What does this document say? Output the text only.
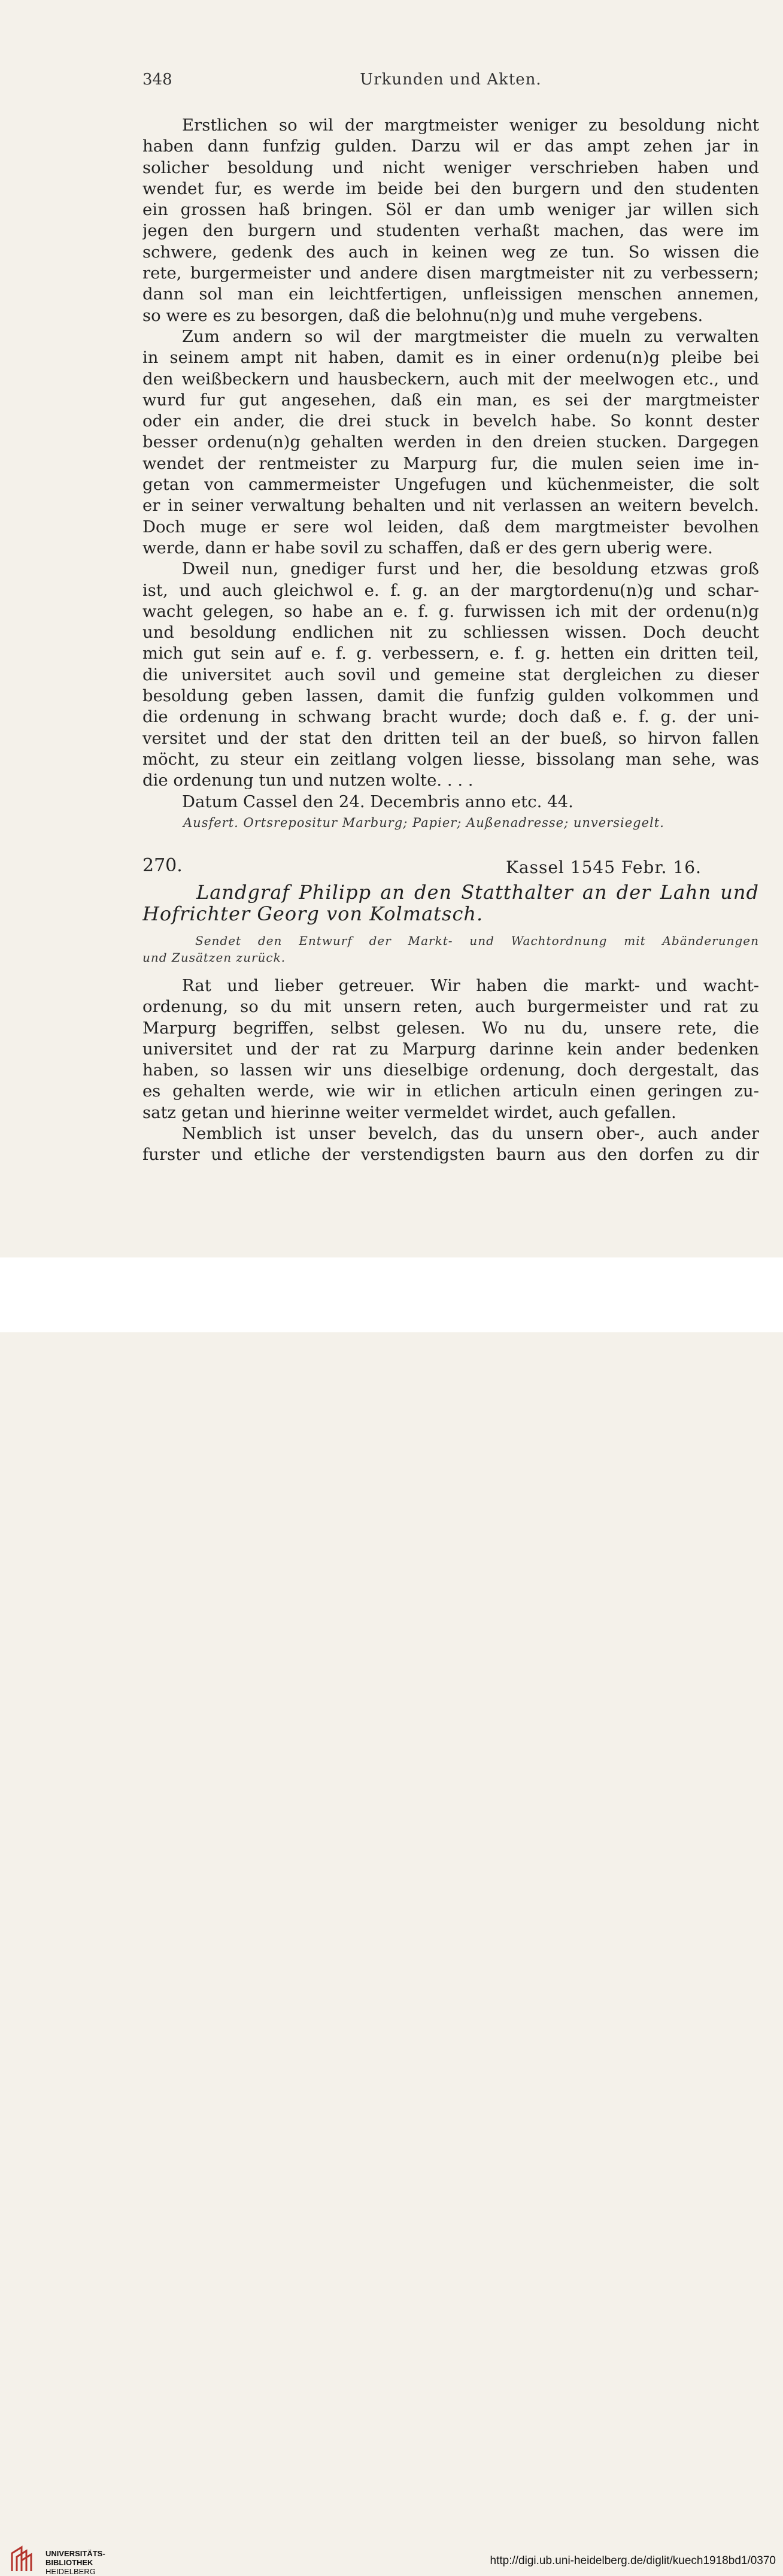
348	Urkunden und Akten.
Erstlichen so wil der margtmeister weniger zu besoldung nicht
haben dann funfzig gulden. Darzu wil er das ampt zehen jar in
solicher besoldung und nicht weniger verschrieben haben und
wendet fur, es werde im beide bei den burgern und den studenten
ein grossen haß bringen. Söl er dan umb weniger jar willen sich
jegen den burgern und studenten verhaßt machen, das were im
schwere, gedenk des auch in keinen weg ze tun. So wissen die
rete, burgermeister und andere disen margtmeister nit zu verbessern;
dann sol man ein leichtfertigen, unfleissigen menschen annemen,
so were es zu besorgen, daß die belohnu(n)g und muhe vergebens.
Zum andern so wil der margtmeister die mueln zu verwalten
in seinem ampt nit haben, damit es in einer ordenu(n)g pleibe bei
den weißbeckern und hausbeckern, auch mit der meelwogen etc., und
wurd fur gut angesehen, daß ein man, es sei der margtmeister
oder ein ander, die drei stuck in bevelch habe. So konnt dester
besser ordenu(n)g gehalten werden in den dreien stucken. Dargegen
wendet der rentmeister zu Marpurg fur, die mulen seien ime in-
getan von cammermeister Ungefugen und küchenmeister, die solt
er in seiner verwaltung behalten und nit verlassen an weitern bevelch.
Doch muge er sere wol leiden, daß dem margtmeister bevolhen
werde, dann er habe sovil zu schaffen, daß er des gern uberig were.
Dweil nun, gnediger furst und her, die besoldung etzwas groß
ist, und auch gleichwol e. f. g. an der margtordenu(n)g und schar-
wacht gelegen, so habe an e. f. g. furwissen ich mit der ordenu(n)g
und besoldung endlichen nit zu schliessen wissen. Doch deucht
mich gut sein auf e. f. g. verbessern, e. f. g. hetten ein dritten teil,
die universitet auch sovil und gemeine stat dergleichen zu dieser
besoldung geben lassen, damit die funfzig gulden volkommen und
die ordenung in schwang bracht wurde; doch daß e. f. g. der uni-
versitet und der stat den dritten teil an der bueß, so hirvon fallen
möcht, zu steur ein zeitlang volgen liesse, bissolang man sehe, was
die ordenung tun und nutzen wolte. . . .
Datum Cassel den 24. Decembris anno etc. 44.
Ausfert. Ortsrepositur Marburg; Papier; Außenadresse; unversiegelt.
270.	Kassel 1545 Febr. 16.
Landgraf Philipp an den Statthalter an der Lahn und
Hofrichter Georg von Kolmatsch.
Sendet den Entwurf der Markt- und Wachtordnung mit Abänderungen
und Zusätzen zurück.
Rat und lieber getreuer. Wir haben die markt- und wacht-
ordenung, so du mit unsern reten, auch burgermeister und rat zu
Marpurg begriffen, selbst gelesen. Wo nu du, unsere rete, die
universitet und der rat zu Marpurg darinne kein ander bedenken
haben, so lassen wir uns dieselbige ordenung, doch dergestalt, das
es gehalten werde, wie wir in etlichen articuln einen geringen zu-
satz getan und hierinne weiter vermeldet wirdet, auch gefallen.
Nemblich ist unser bevelch, das du unsern ober-, auch ander
furster und etliche der verstendigsten baurn aus den dorfen zu dir
UNIVERSITÄTS-
BIBLIOTHEK
HEIDELBERG
http://digi.ub.uni-heidelberg.de/diglit/kuech1918bd1/0370
